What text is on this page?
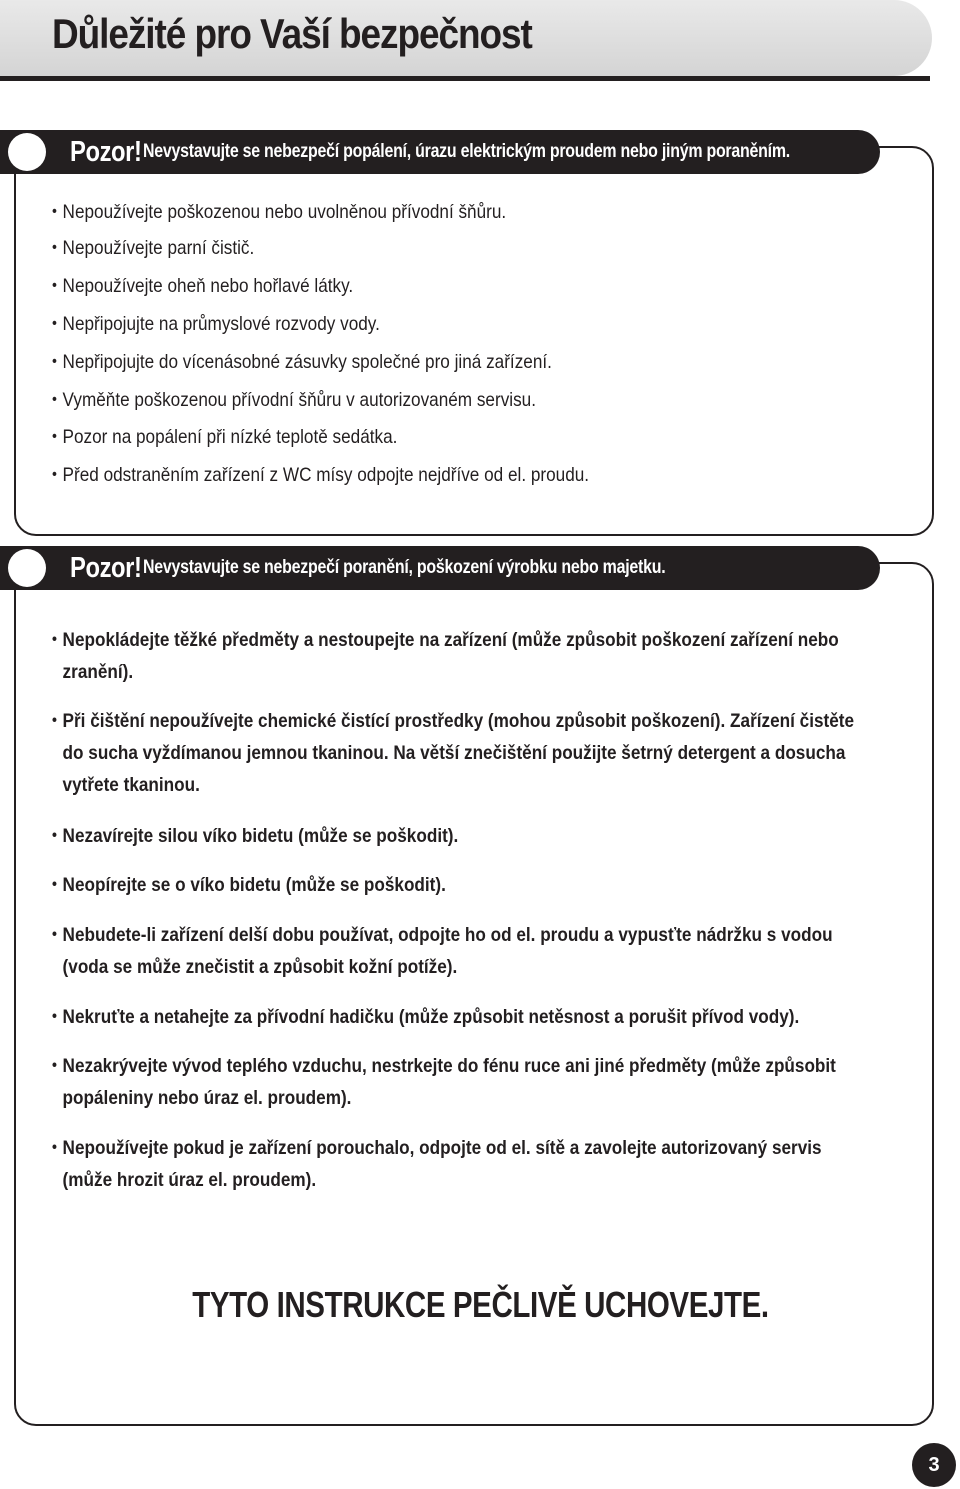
Důležité pro Vaší bezpečnost
Pozor! Nevystavujte se nebezpečí popálení, úrazu elektrickým proudem nebo jiným poraněním.
• Nepoužívejte poškozenou nebo uvolněnou přívodní šňůru.
• Nepoužívejte parní čistič.
• Nepoužívejte oheň nebo hořlavé látky.
• Nepřipojujte na průmyslové rozvody vody.
• Nepřipojujte do vícenásobné zásuvky společné pro jiná zařízení.
• Vyměňte poškozenou přívodní šňůru v autorizovaném servisu.
• Pozor na popálení při nízké teplotě sedátka.
• Před odstraněním zařízení z WC mísy odpojte nejdříve od el. proudu.
Pozor! Nevystavujte se nebezpečí poranění, poškození výrobku nebo majetku.
• Nepokládejte těžké předměty a nestoupejte na zařízení (může způsobit poškození zařízení nebo zranění).
• Při čištění nepoužívejte chemické čistící prostředky (mohou způsobit poškození). Zařízení čistěte do sucha vyždímanou jemnou tkaninou. Na větší znečištění použijte šetrný detergent a dosucha vytřete tkaninou.
• Nezavírejte silou víko bidetu (může se poškodit).
• Neopírejte se o víko bidetu (může se poškodit).
• Nebudete-li zařízení delší dobu používat, odpojte ho od el. proudu a vypusťte nádržku s vodou (voda se může znečistit a způsobit kožní potíže).
• Nekruťte a netahejte za přívodní hadičku (může způsobit netěsnost a porušit přívod vody).
• Nezakrývejte vývod teplého vzduchu, nestrkejte do fénu ruce ani jiné předměty (může způsobit popáleniny nebo úraz el. proudem).
• Nepoužívejte pokud je zařízení porouchalo, odpojte od el. sítě a zavolejte autorizovaný servis (může hrozit úraz el. proudem).
TYTO INSTRUKCE PEČLIVĚ UCHOVEJTE.
3
